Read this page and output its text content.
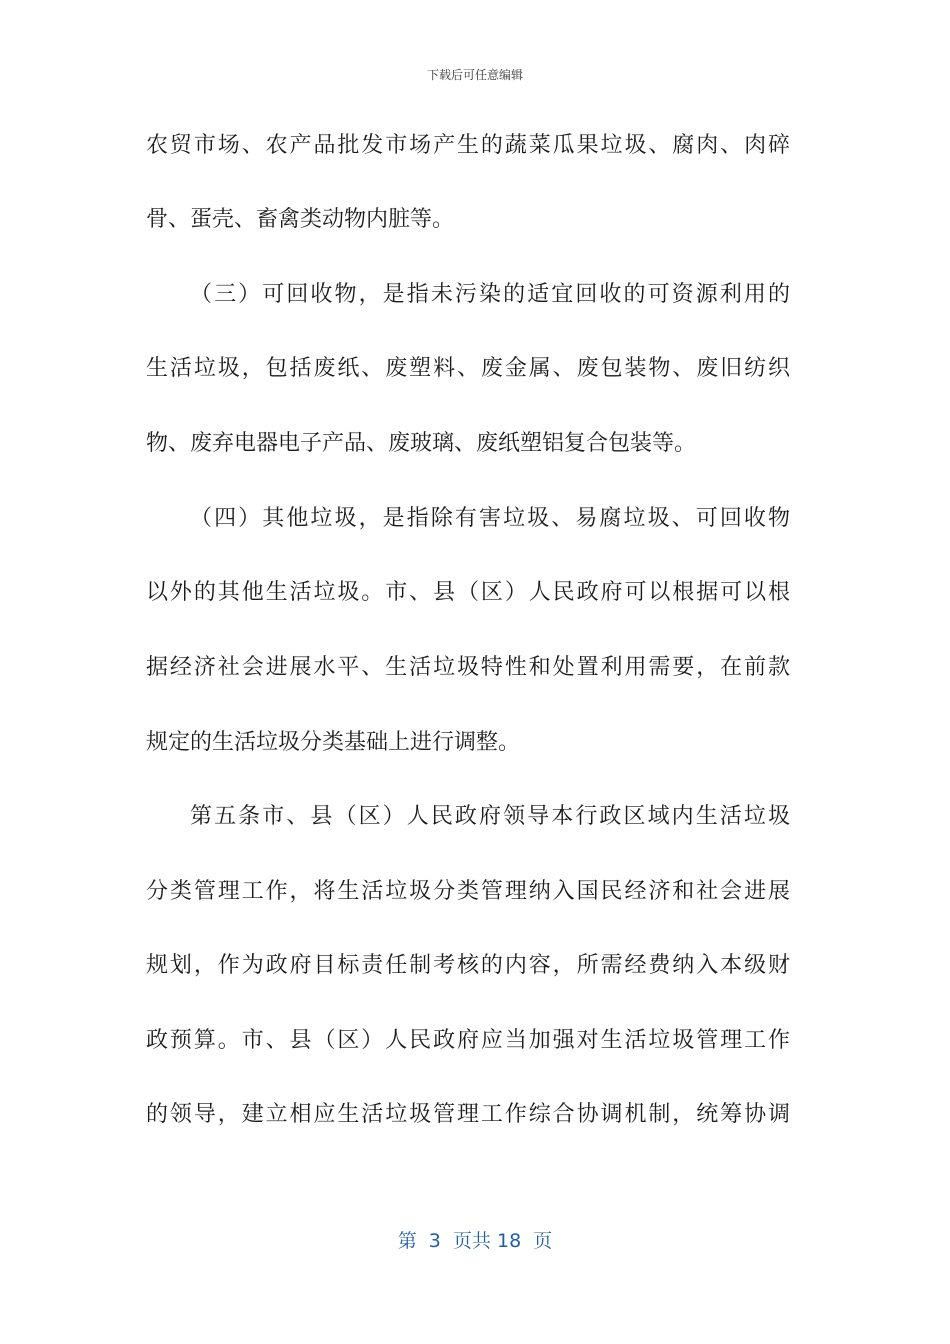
下载后可任意编辑
农贸市场、农产品批发市场产生的蔬菜瓜果垃圾、腐肉、肉碎
骨、蛋壳、畜禽类动物内脏等。
（三）可回收物，是指未污染的适宜回收的可资源利用的
生活垃圾，包括废纸、废塑料、废金属、废包装物、废旧纺织
物、废弃电器电子产品、废玻璃、废纸塑铝复合包装等。
（四）其他垃圾，是指除有害垃圾、易腐垃圾、可回收物
以外的其他生活垃圾。市、县（区）人民政府可以根据可以根
据经济社会进展水平、生活垃圾特性和处置利用需要，在前款
规定的生活垃圾分类基础上进行调整。
第五条市、县（区）人民政府领导本行政区域内生活垃圾
分类管理工作，将生活垃圾分类管理纳入国民经济和社会进展
规划，作为政府目标责任制考核的内容，所需经费纳入本级财
政预算。市、县（区）人民政府应当加强对生活垃圾管理工作
的领导，建立相应生活垃圾管理工作综合协调机制，统筹协调
第  3  页共 18  页
